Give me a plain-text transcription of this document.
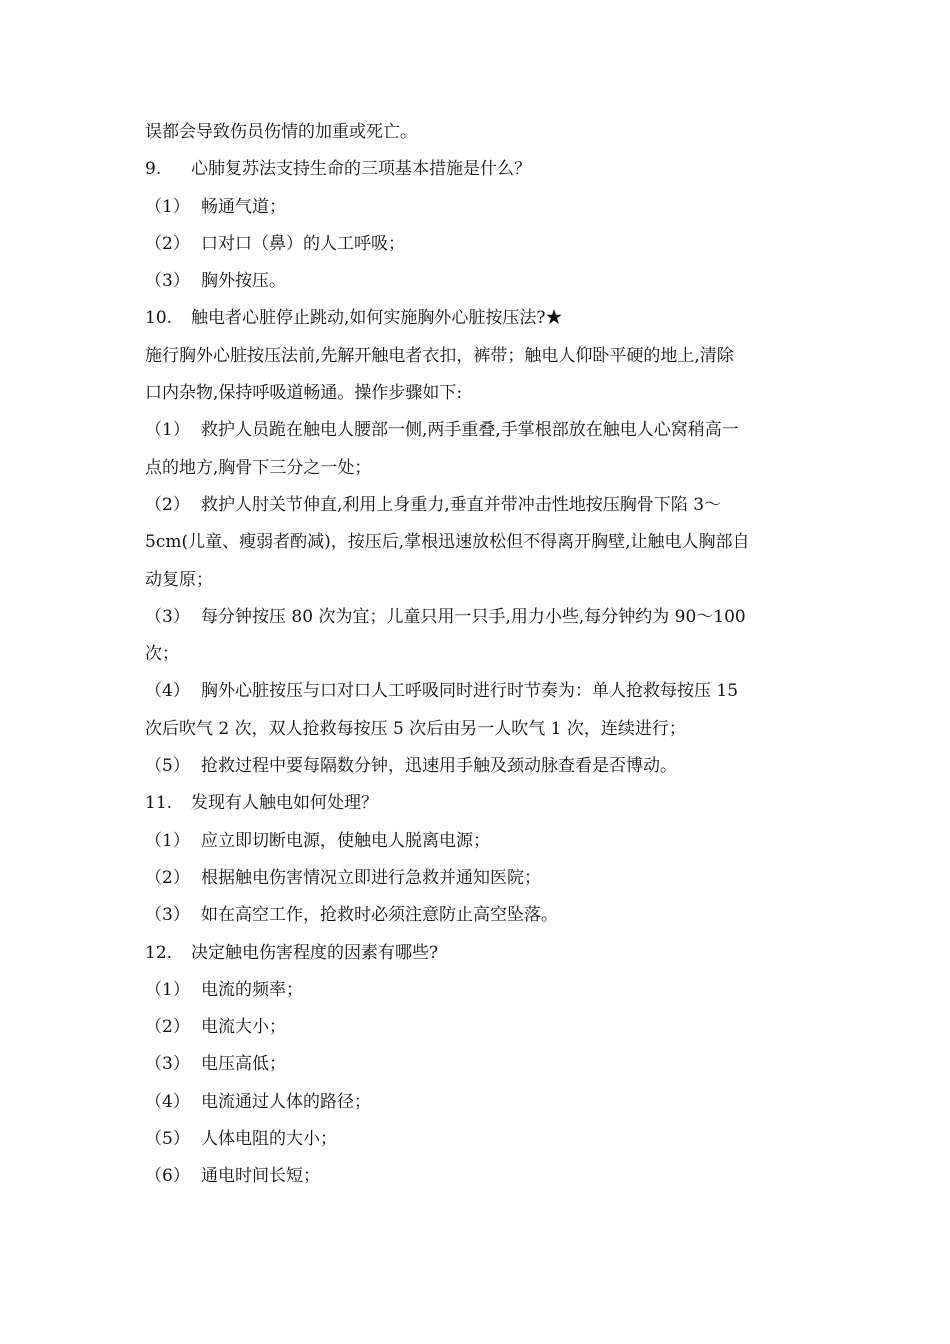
误都会导致伤员伤情的加重或死亡。
9. 心肺复苏法支持生命的三项基本措施是什么？
（1） 畅通气道；
（2） 口对口（鼻）的人工呼吸；
（3） 胸外按压。
10. 触电者心脏停止跳动,如何实施胸外心脏按压法?★
施行胸外心脏按压法前,先解开触电者衣扣，裤带；触电人仰卧平硬的地上,清除
口内杂物,保持呼吸道畅通。操作步骤如下:
（1） 救护人员跪在触电人腰部一侧,两手重叠,手掌根部放在触电人心窝稍高一
点的地方,胸骨下三分之一处；
（2） 救护人肘关节伸直,利用上身重力,垂直并带冲击性地按压胸骨下陷 3～
5cm(儿童、瘦弱者酌减)，按压后,掌根迅速放松但不得离开胸壁,让触电人胸部自
动复原；
（3） 每分钟按压 80 次为宜；儿童只用一只手,用力小些,每分钟约为 90～100
次；
（4） 胸外心脏按压与口对口人工呼吸同时进行时节奏为：单人抢救每按压 15
次后吹气 2 次，双人抢救每按压 5 次后由另一人吹气 1 次，连续进行；
（5） 抢救过程中要每隔数分钟，迅速用手触及颈动脉查看是否博动。
11. 发现有人触电如何处理？
（1） 应立即切断电源，使触电人脱离电源；
（2） 根据触电伤害情况立即进行急救并通知医院；
（3） 如在高空工作，抢救时必须注意防止高空坠落。
12. 决定触电伤害程度的因素有哪些?
（1） 电流的频率；
（2） 电流大小；
（3） 电压高低；
（4） 电流通过人体的路径；
（5） 人体电阻的大小；
（6） 通电时间长短；
